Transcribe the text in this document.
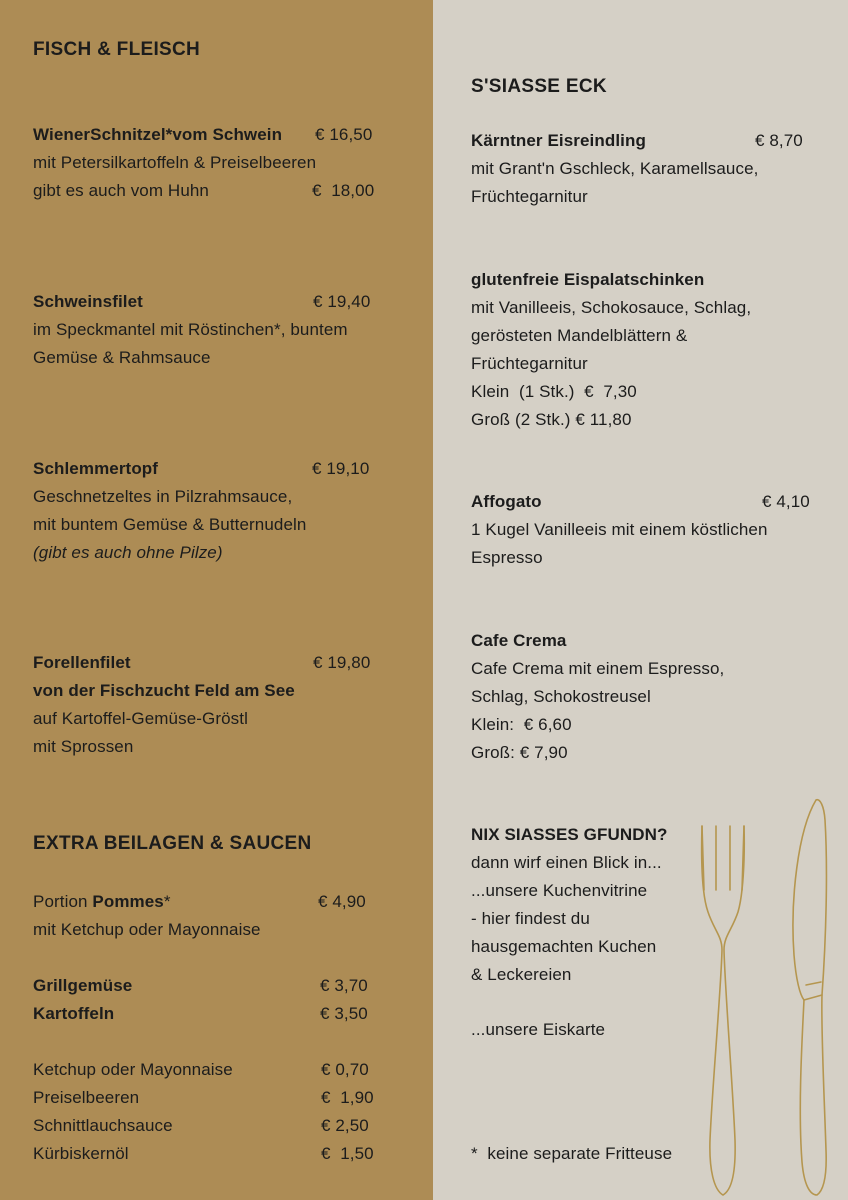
FISCH & FLEISCH
WienerSchnitzel*vom Schwein € 16,50
mit Petersilkartoffeln & Preiselbeeren
gibt es auch vom Huhn	€  18,00
Schweinsfilet	€ 19,40
im Speckmantel mit Röstinchen*, buntem
Gemüse & Rahmsauce
Schlemmertopf	€ 19,10
Geschnetzeltes in Pilzrahmsauce,
mit buntem Gemüse & Butternudeln
(gibt es auch ohne Pilze)
Forellenfilet	€ 19,80
von der Fischzucht Feld am See
auf Kartoffel-Gemüse-Gröstl
mit Sprossen
EXTRA BEILAGEN & SAUCEN
Portion Pommes*	€ 4,90
mit Ketchup oder Mayonnaise
Grillgemüse	€ 3,70
Kartoffeln	€ 3,50
Ketchup oder Mayonnaise	€ 0,70
Preiselbeeren	€  1,90
Schnittlauchsauce	€ 2,50
Kürbiskernöl	€  1,50
S'SIASSE ECK
Kärntner Eisreindling	€ 8,70
mit Grant'n Gschleck, Karamellsauce,
Früchtegarnitur
glutenfreie Eispalatschinken
mit Vanilleeis, Schokosauce, Schlag,
gerösteten Mandelblättern &
Früchtegarnitur
Klein  (1 Stk.)  €  7,30
Groß (2 Stk.) € 11,80
Affogato	€ 4,10
1 Kugel Vanilleeis mit einem köstlichen
Espresso
Cafe Crema
Cafe Crema mit einem Espresso,
Schlag, Schokostreusel
Klein:  € 6,60
Groß: € 7,90
NIX SIASSES GFUNDN?
dann wirf einen Blick in...
...unsere Kuchenvitrine
- hier findest du
hausgemachten Kuchen
& Leckereien
...unsere Eiskarte
*  keine separate Fritteuse
